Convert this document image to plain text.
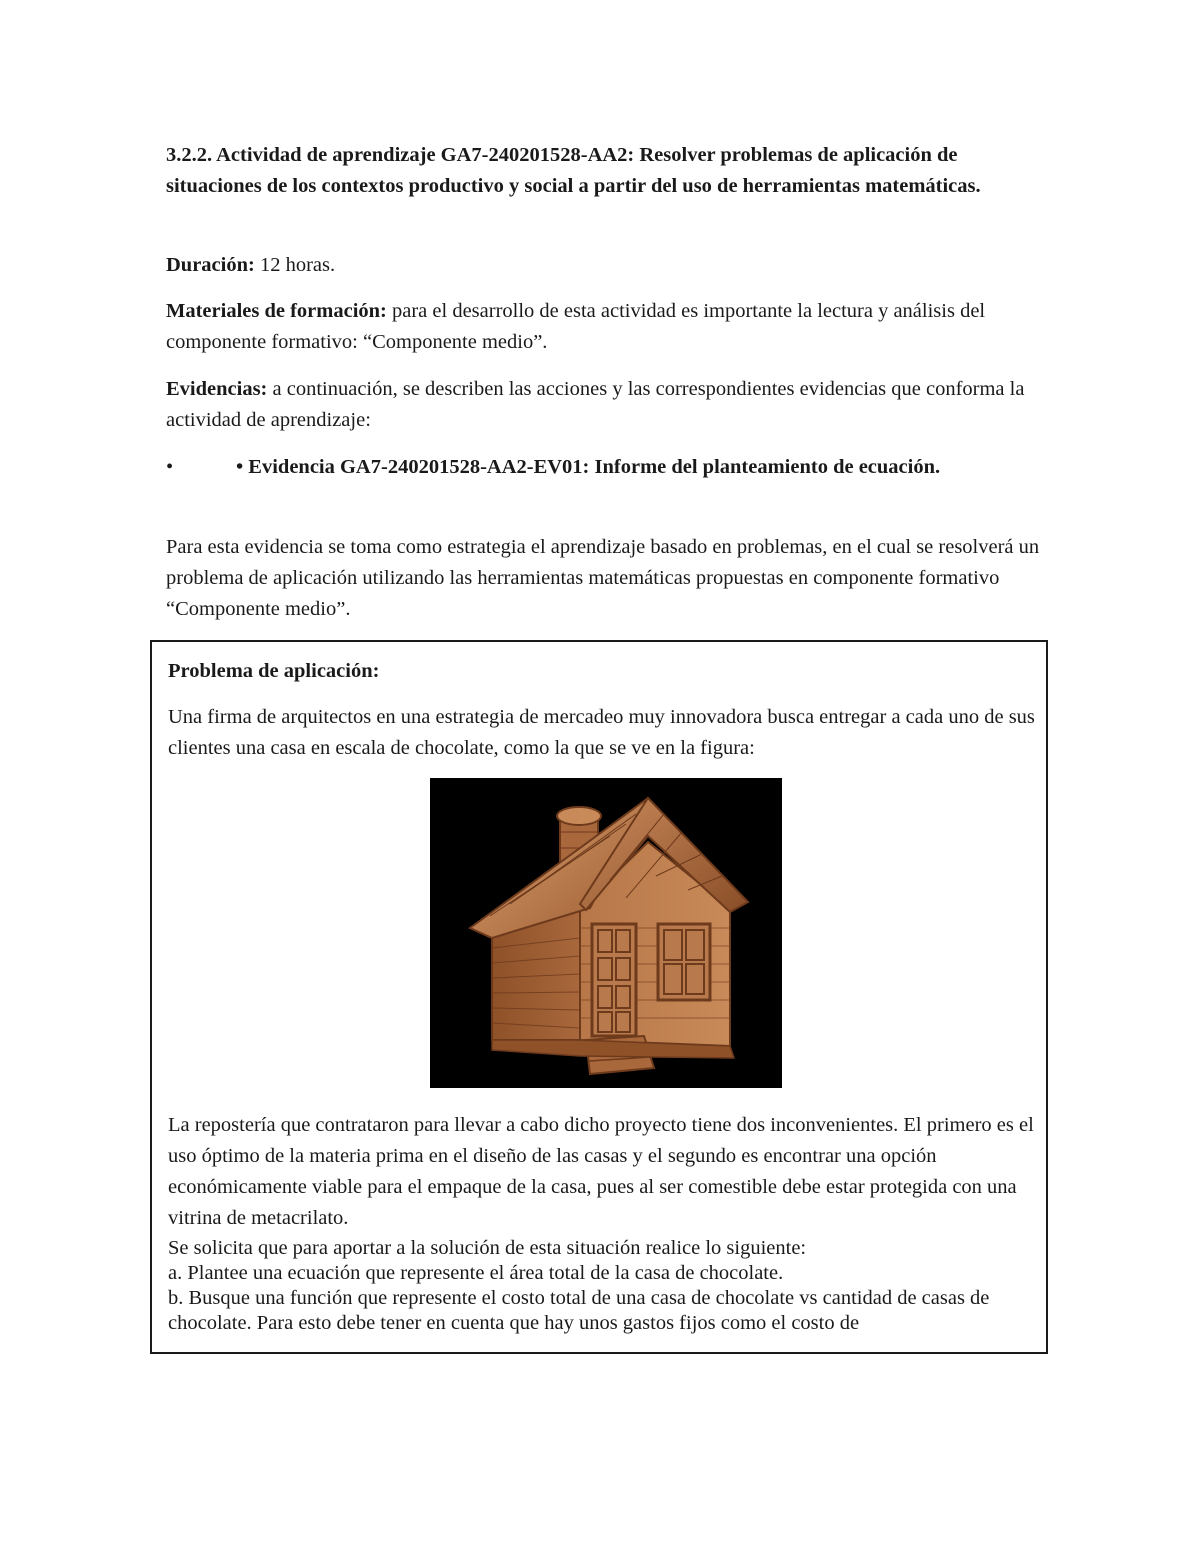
3.2.2. Actividad de aprendizaje GA7-240201528-AA2: Resolver problemas de aplicación de situaciones de los contextos productivo y social a partir del uso de herramientas matemáticas.

Duración: 12 horas.

Materiales de formación: para el desarrollo de esta actividad es importante la lectura y análisis del componente formativo: “Componente medio”.

Evidencias: a continuación, se describen las acciones y las correspondientes evidencias que conforma la actividad de aprendizaje:

•	• Evidencia GA7-240201528-AA2-EV01: Informe del planteamiento de ecuación.

Para esta evidencia se toma como estrategia el aprendizaje basado en problemas, en el cual se resolverá un problema de aplicación utilizando las herramientas matemáticas propuestas en componente formativo “Componente medio”.

Problema de aplicación:
Una firma de arquitectos en una estrategia de mercadeo muy innovadora busca entregar a cada uno de sus clientes una casa en escala de chocolate, como la que se ve en la figura:
La repostería que contrataron para llevar a cabo dicho proyecto tiene dos inconvenientes. El primero es el uso óptimo de la materia prima en el diseño de las casas y el segundo es encontrar una opción económicamente viable para el empaque de la casa, pues al ser comestible debe estar protegida con una vitrina de metacrilato.
Se solicita que para aportar a la solución de esta situación realice lo siguiente:
a. Plantee una ecuación que represente el área total de la casa de chocolate.
b. Busque una función que represente el costo total de una casa de chocolate vs cantidad de casas de chocolate. Para esto debe tener en cuenta que hay unos gastos fijos como el costo de
